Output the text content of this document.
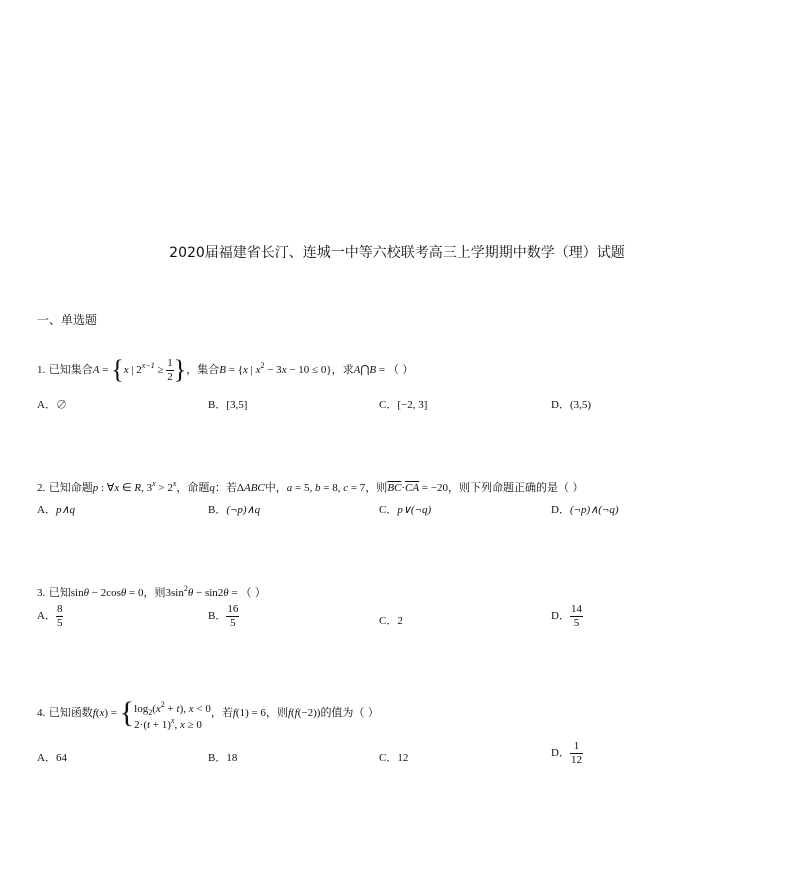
2020届福建省长汀、连城一中等六校联考高三上学期期中数学（理）试题
一、单选题
1. 已知集合A = {x | $2^{x-1} \ge \frac{1}{2}$ }，集合B = {x | $x^2 - 3x - 10 \le 0$}，求A⋂B = （ ）
A．∅	B．[3,5]	C．[−2, 3]	D．(3,5)
2. 已知命题p : ∀x ∈ R, $3^x > 2^x$，命题q：若ΔABC中，a = 5, b = 8, c = 7，则$\overline{BC}\cdot\overline{CA} = -20$，则下列命题正确的是（ ）
A．p∧q	B．(¬p)∧q	C．p∨(¬q)	D．(¬p)∧(¬q)
3. 已知sinθ − 2cosθ = 0，则$3\sin^2\theta - \sin 2\theta$ = （ ）
A． $\frac{8}{5}$	B． $\frac{16}{5}$	C．2	D． $\frac{14}{5}$
4. 已知函数f(x) = { $\log_2(x^2 + t)$, x < 0
$2\cdot(t + 1)^x$, x ≥ 0
，若f(1) = 6，则f(f(−2))的值为（ ）
A．64	B．18	C．12	D． $\frac{1}{12}$
